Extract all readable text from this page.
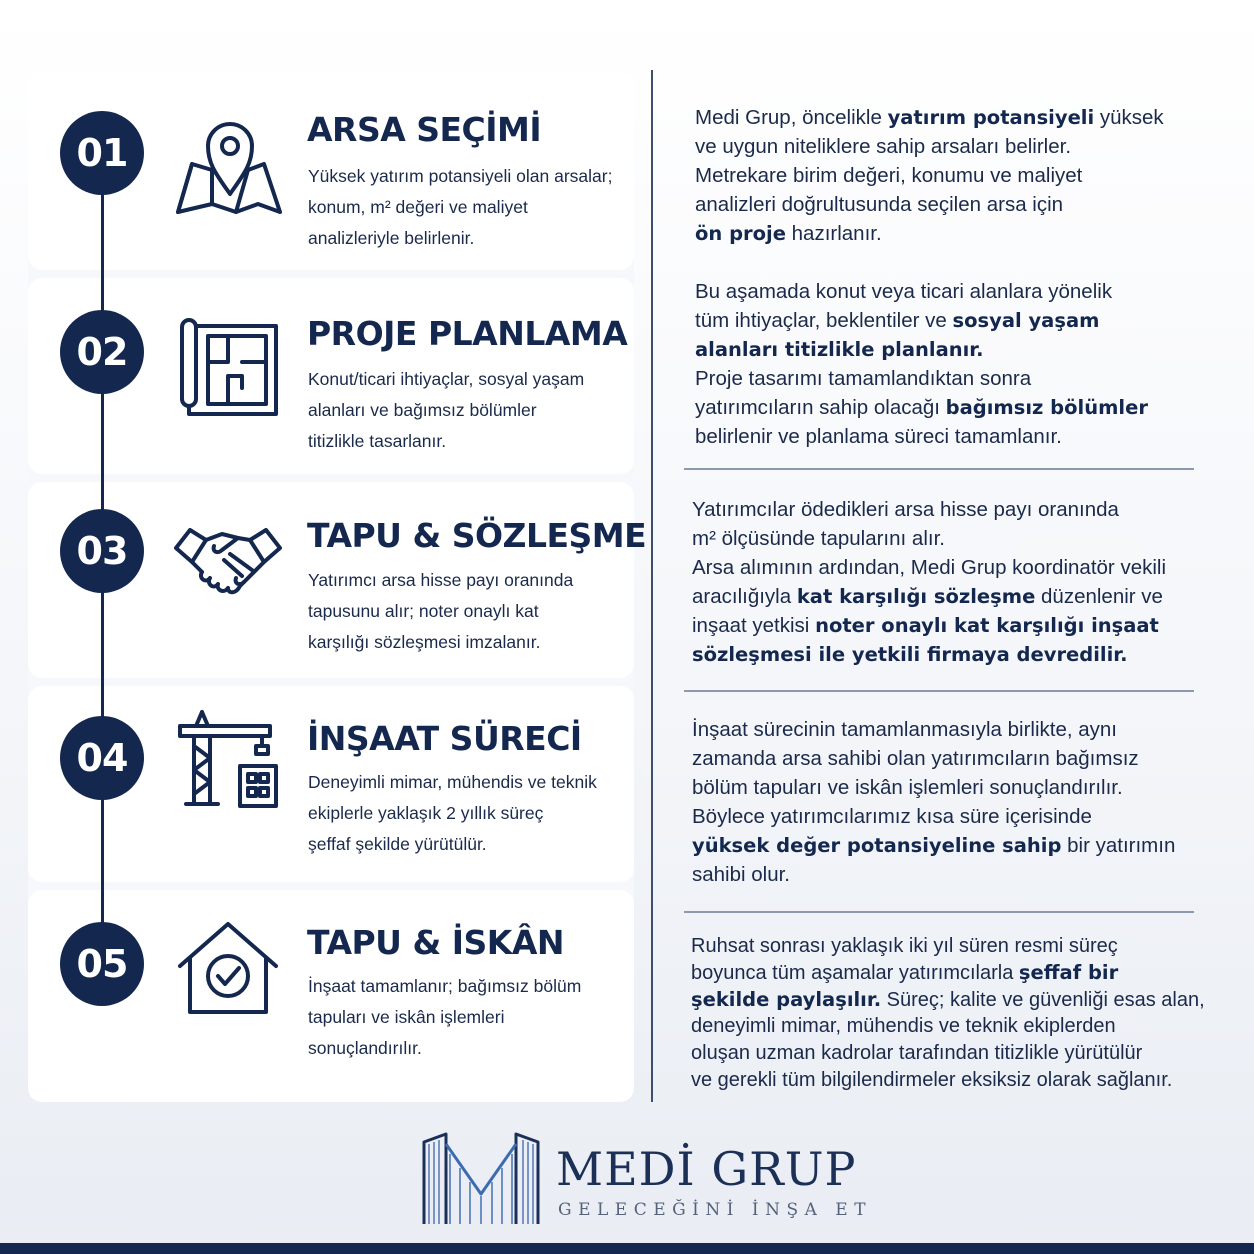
01
ARSA SEÇİMİ
Yüksek yatırım potansiyeli olan arsalar;
konum, m² değeri ve maliyet
analizleriyle belirlenir.
02	PROJE PLANLAMA
Konut/ticari ihtiyaçlar, sosyal yaşam
alanları ve bağımsız bölümler
titizlikle tasarlanır.
03	TAPU & SÖZLEŞME
Yatırımcı arsa hisse payı oranında
tapusunu alır; noter onaylı kat
karşılığı sözleşmesi imzalanır.
04	İNŞAAT SÜRECİ
Deneyimli mimar, mühendis ve teknik
ekiplerle yaklaşık 2 yıllık süreç
şeffaf şekilde yürütülür.
05	TAPU & İSKÂN
İnşaat tamamlanır; bağımsız bölüm
tapuları ve iskân işlemleri
sonuçlandırılır.
Medi Grup, öncelikle yatırım potansiyeli yüksek
ve uygun niteliklere sahip arsaları belirler.
Metrekare birim değeri, konumu ve maliyet
analizleri doğrultusunda seçilen arsa için
ön proje hazırlanır.

Bu aşamada konut veya ticari alanlara yönelik
tüm ihtiyaçlar, beklentiler ve sosyal yaşam
alanları titizlikle planlanır.
Proje tasarımı tamamlandıktan sonra
yatırımcıların sahip olacağı bağımsız bölümler
belirlenir ve planlama süreci tamamlanır.
Yatırımcılar ödedikleri arsa hisse payı oranında
m² ölçüsünde tapularını alır.
Arsa alımının ardından, Medi Grup koordinatör vekili
aracılığıyla kat karşılığı sözleşme düzenlenir ve
inşaat yetkisi noter onaylı kat karşılığı inşaat
sözleşmesi ile yetkili firmaya devredilir.
İnşaat sürecinin tamamlanmasıyla birlikte, aynı
zamanda arsa sahibi olan yatırımcıların bağımsız
bölüm tapuları ve iskân işlemleri sonuçlandırılır.
Böylece yatırımcılarımız kısa süre içerisinde
yüksek değer potansiyeline sahip bir yatırımın
sahibi olur.
Ruhsat sonrası yaklaşık iki yıl süren resmi süreç
boyunca tüm aşamalar yatırımcılarla şeffaf bir
şekilde paylaşılır. Süreç; kalite ve güvenliği esas alan,
deneyimli mimar, mühendis ve teknik ekiplerden
oluşan uzman kadrolar tarafından titizlikle yürütülür
ve gerekli tüm bilgilendirmeler eksiksiz olarak sağlanır.
MEDİ GRUP
GELECEĞİNİ İNŞA ET
